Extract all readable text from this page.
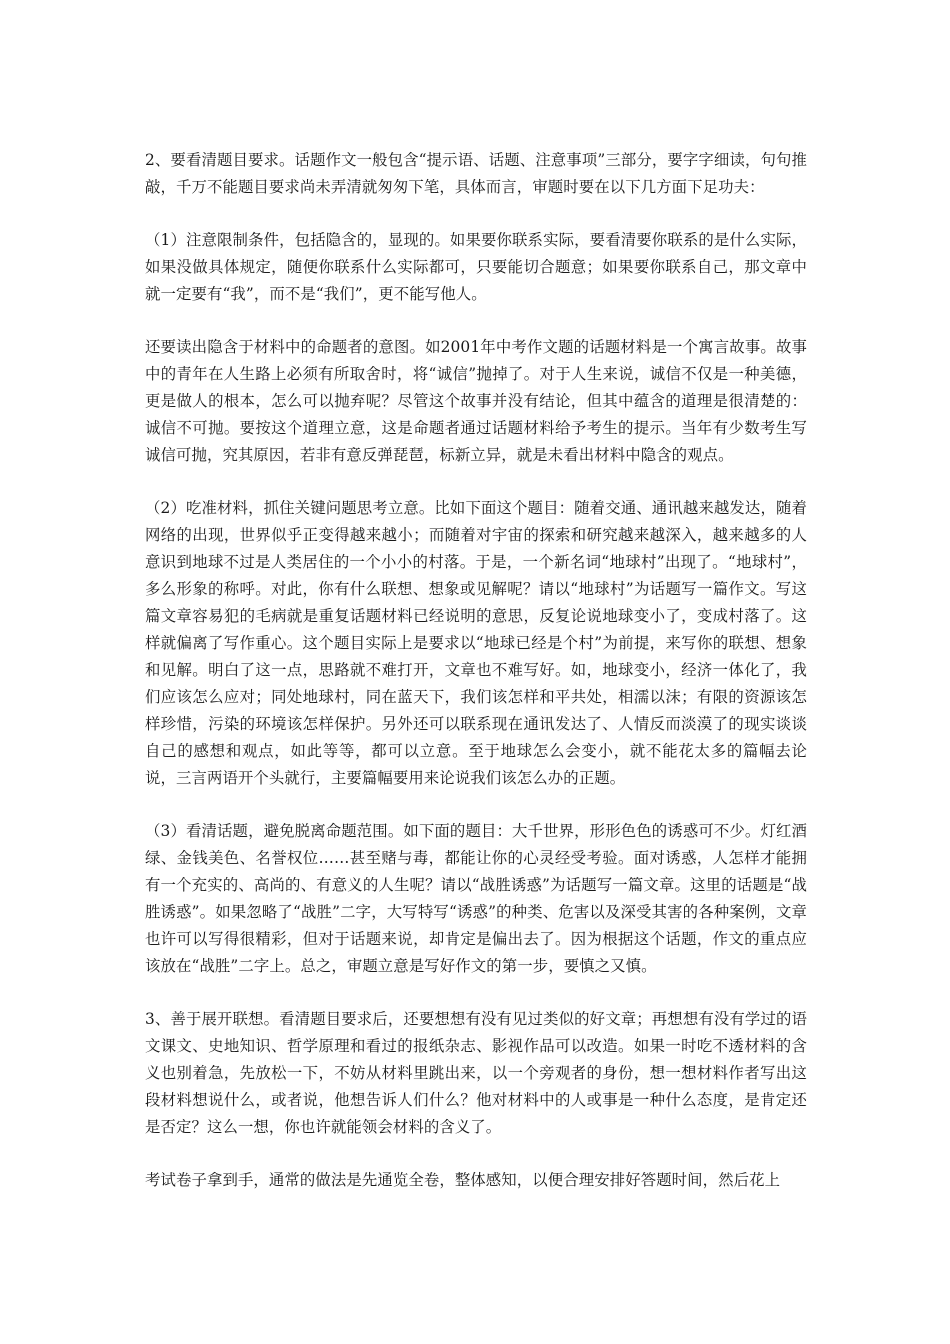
2、要看清题目要求。话题作文一般包含“提示语、话题、注意事项”三部分，要字字细读，句句推敲，千万不能题目要求尚未弄清就匆匆下笔，具体而言，审题时要在以下几方面下足功夫：

（1）注意限制条件，包括隐含的，显现的。如果要你联系实际，要看清要你联系的是什么实际，如果没做具体规定，随便你联系什么实际都可，只要能切合题意；如果要你联系自己，那文章中就一定要有“我”，而不是“我们”，更不能写他人。

还要读出隐含于材料中的命题者的意图。如2001年中考作文题的话题材料是一个寓言故事。故事中的青年在人生路上必须有所取舍时，将“诚信”抛掉了。对于人生来说，诚信不仅是一种美德，更是做人的根本，怎么可以抛弃呢？尽管这个故事并没有结论，但其中蕴含的道理是很清楚的：诚信不可抛。要按这个道理立意，这是命题者通过话题材料给予考生的提示。当年有少数考生写诚信可抛，究其原因，若非有意反弹琵琶，标新立异，就是未看出材料中隐含的观点。

（2）吃准材料，抓住关键问题思考立意。比如下面这个题目：随着交通、通讯越来越发达，随着网络的出现，世界似乎正变得越来越小；而随着对宇宙的探索和研究越来越深入，越来越多的人意识到地球不过是人类居住的一个小小的村落。于是，一个新名词“地球村”出现了。“地球村”，多么形象的称呼。对此，你有什么联想、想象或见解呢？请以“地球村”为话题写一篇作文。写这篇文章容易犯的毛病就是重复话题材料已经说明的意思，反复论说地球变小了，变成村落了。这样就偏离了写作重心。这个题目实际上是要求以“地球已经是个村”为前提，来写你的联想、想象和见解。明白了这一点，思路就不难打开，文章也不难写好。如，地球变小，经济一体化了，我们应该怎么应对；同处地球村，同在蓝天下，我们该怎样和平共处，相濡以沫；有限的资源该怎样珍惜，污染的环境该怎样保护。另外还可以联系现在通讯发达了、人情反而淡漠了的现实谈谈自己的感想和观点，如此等等，都可以立意。至于地球怎么会变小，就不能花太多的篇幅去论说，三言两语开个头就行，主要篇幅要用来论说我们该怎么办的正题。

（3）看清话题，避免脱离命题范围。如下面的题目：大千世界，形形色色的诱惑可不少。灯红酒绿、金钱美色、名誉权位……甚至赌与毒，都能让你的心灵经受考验。面对诱惑，人怎样才能拥有一个充实的、高尚的、有意义的人生呢？请以“战胜诱惑”为话题写一篇文章。这里的话题是“战胜诱惑”。如果忽略了“战胜”二字，大写特写“诱惑”的种类、危害以及深受其害的各种案例，文章也许可以写得很精彩，但对于话题来说，却肯定是偏出去了。因为根据这个话题，作文的重点应该放在“战胜”二字上。总之，审题立意是写好作文的第一步，要慎之又慎。

3、善于展开联想。看清题目要求后，还要想想有没有见过类似的好文章；再想想有没有学过的语文课文、史地知识、哲学原理和看过的报纸杂志、影视作品可以改造。如果一时吃不透材料的含义也别着急，先放松一下，不妨从材料里跳出来，以一个旁观者的身份，想一想材料作者写出这段材料想说什么，或者说，他想告诉人们什么？他对材料中的人或事是一种什么态度，是肯定还是否定？这么一想，你也许就能领会材料的含义了。

考试卷子拿到手，通常的做法是先通览全卷，整体感知，以便合理安排好答题时间，然后花上
